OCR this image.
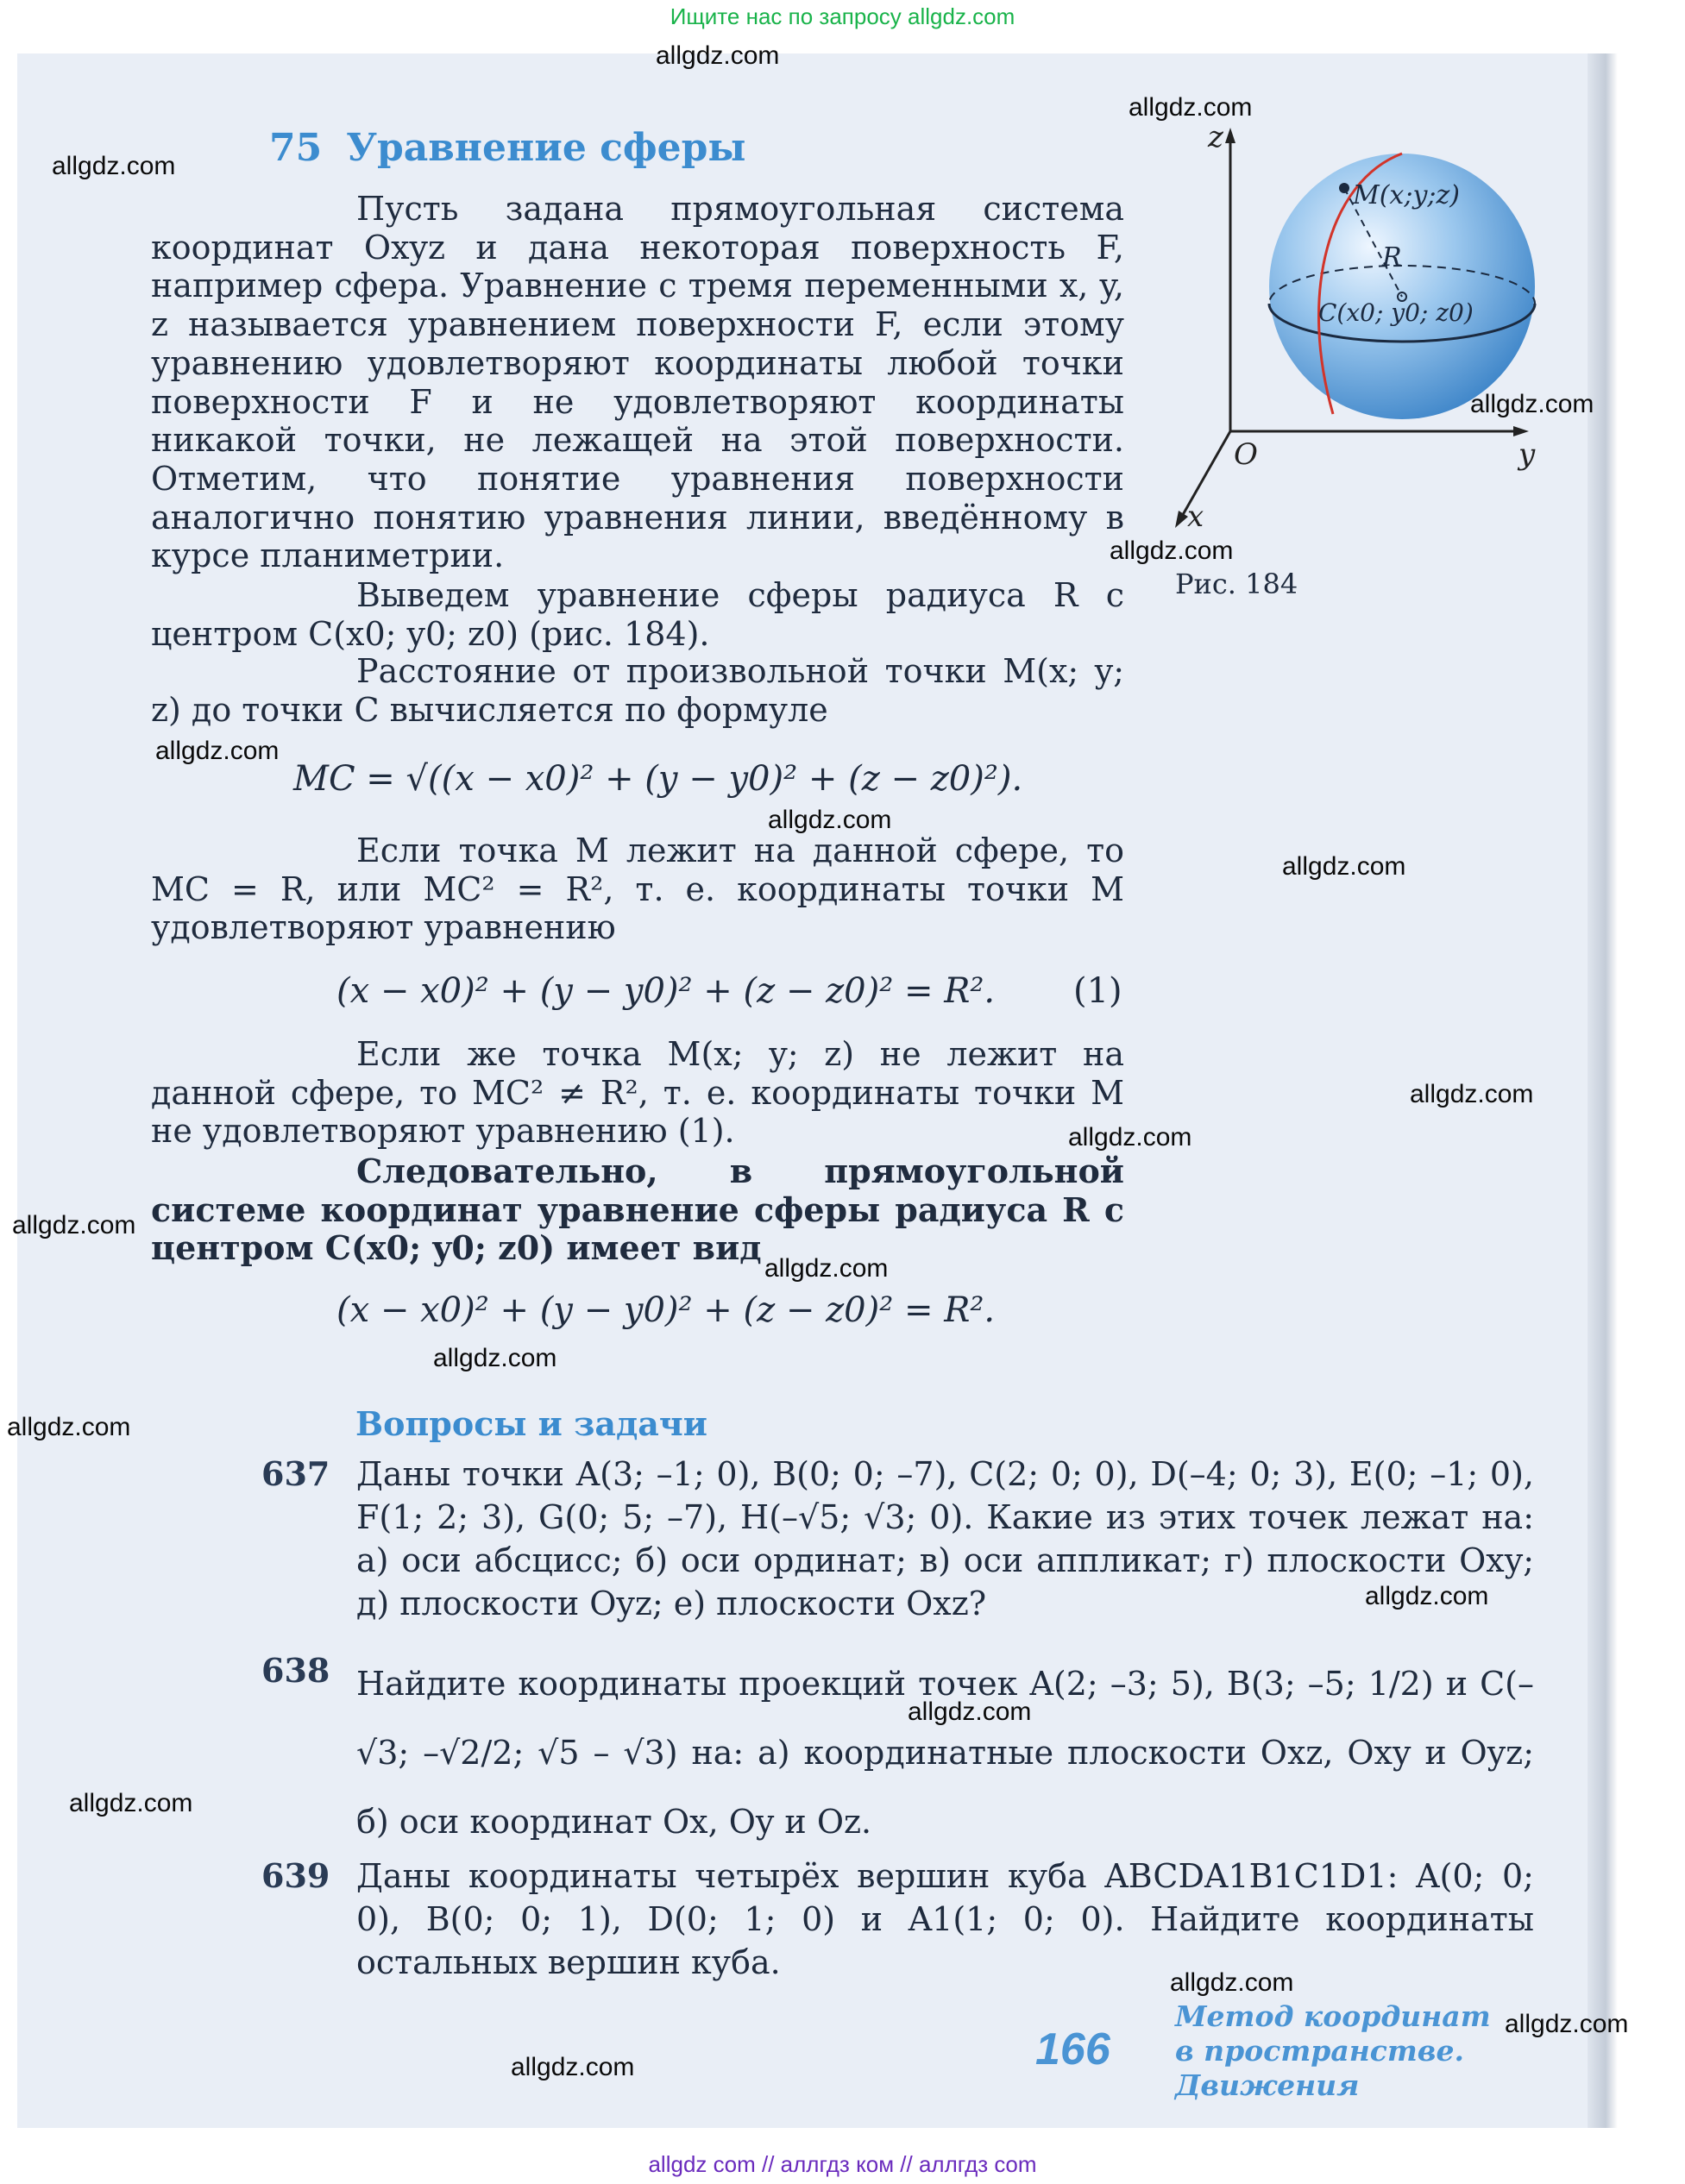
Ищите нас по запросу allgdz.com
allgdz.com
allgdz.com
allgdz.com
allgdz.com
allgdz.com
allgdz.com
allgdz.com
allgdz.com
allgdz.com
allgdz.com
allgdz.com
allgdz.com
allgdz.com
allgdz.com
allgdz.com
allgdz.com
allgdz.com
allgdz.com
allgdz.com
allgdz.com
75 Уравнение сферы	z
y
x
O
M(x;y;z)
R
C(x0; y0; z0)
Рис. 184

Пусть задана прямоугольная система координат Oxyz и дана некоторая поверхность F, например сфера. Уравнение с тремя переменными x, y, z называется уравнением поверхности F, если этому уравнению удовлетворяют координаты любой точки поверхности F и не удовлетворяют координаты никакой точки, не лежащей на этой поверхности. Отметим, что понятие уравнения поверхности аналогично понятию уравнения линии, введённому в курсе планиметрии.

Выведем уравнение сферы радиуса R с центром C(x0; y0; z0) (рис. 184).

Расстояние от произвольной точки M(x; y; z) до точки C вычисляется по формуле

MC = √((x − x0)² + (y − y0)² + (z − z0)²).

Если точка M лежит на данной сфере, то MC = R, или MC² = R², т. е. координаты точки M удовлетворяют уравнению

(x − x0)² + (y − y0)² + (z − z0)² = R². (1)

Если же точка M(x; y; z) не лежит на данной сфере, то MC² ≠ R², т. е. координаты точки M не удовлетворяют уравнению (1).

Следовательно, в прямоугольной системе координат уравнение сферы радиуса R с центром C(x0; y0; z0) имеет вид

(x − x0)² + (y − y0)² + (z − z0)² = R².
Вопросы и задачи
637 Даны точки A(3; –1; 0), B(0; 0; –7), C(2; 0; 0), D(–4; 0; 3), E(0; –1; 0), F(1; 2; 3), G(0; 5; –7), H(–√5; √3; 0). Какие из этих точек лежат на: а) оси абсцисс; б) оси ординат; в) оси аппликат; г) плоскости Oxy; д) плоскости Oyz; е) плоскости Oxz?
638 Найдите координаты проекций точек A(2; –3; 5), B(3; –5; 1/2) и C(–√3; –√2/2; √5 – √3) на: а) координатные плоскости Oxz, Oxy и Oyz; б) оси координат Ox, Oy и Oz.
639 Даны координаты четырёх вершин куба ABCDA1B1C1D1: A(0; 0; 0), B(0; 0; 1), D(0; 1; 0) и A1(1; 0; 0). Найдите координаты остальных вершин куба.
166
Метод координат
в пространстве.
Движения
allgdz com // аллгдз ком // аллгдз com
